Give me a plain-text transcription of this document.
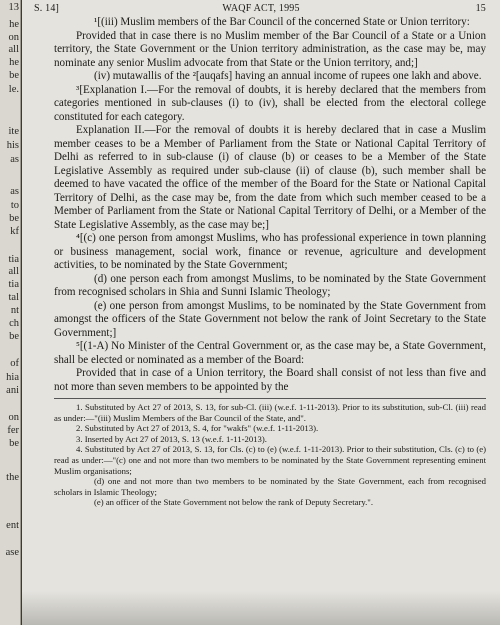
13
he
on
all
he
be
le.
ite
his
as
as
to
be
kf
tia
all
tia
tal
nt
ch
be
of
hia
ani
on
fer
be
the
ent
ase
S. 14]	WAQF ACT, 1995	15

¹[(iii) Muslim members of the Bar Council of the concerned State or Union territory:

Provided that in case there is no Muslim member of the Bar Council of a State or a Union territory, the State Government or the Union territory administration, as the case may be, may nominate any senior Muslim advocate from that State or the Union territory, and;]

(iv) mutawallis of the ²[auqafs] having an annual income of rupees one lakh and above.

³[Explanation I.—For the removal of doubts, it is hereby declared that the members from categories mentioned in sub-clauses (i) to (iv), shall be elected from the electoral college constituted for each category.

Explanation II.—For the removal of doubts it is hereby declared that in case a Muslim member ceases to be a Member of Parliament from the State or National Capital Territory of Delhi as referred to in sub-clause (i) of clause (b) or ceases to be a Member of the State Legislative Assembly as required under sub-clause (ii) of clause (b), such member shall be deemed to have vacated the office of the member of the Board for the State or National Capital Territory of Delhi, as the case may be, from the date from which such member ceased to be a Member of Parliament from the State or National Capital Territory of Delhi, or a Member of the State Legislative Assembly, as the case may be;]

⁴[(c) one person from amongst Muslims, who has professional experience in town planning or business management, social work, finance or revenue, agriculture and development activities, to be nominated by the State Government;

(d) one person each from amongst Muslims, to be nominated by the State Government from recognised scholars in Shia and Sunni Islamic Theology;

(e) one person from amongst Muslims, to be nominated by the State Government from amongst the officers of the State Government not below the rank of Joint Secretary to the State Government;]

⁵[(1-A) No Minister of the Central Government or, as the case may be, a State Government, shall be elected or nominated as a member of the Board:

Provided that in case of a Union territory, the Board shall consist of not less than five and not more than seven members to be appointed by the

1. Substituted by Act 27 of 2013, S. 13, for sub-Cl. (iii) (w.e.f. 1-11-2013). Prior to its substitution, sub-Cl. (iii) read as under:—"(iii) Muslim Members of the Bar Council of the State, and".

2. Substituted by Act 27 of 2013, S. 4, for "wakfs" (w.e.f. 1-11-2013).

3. Inserted by Act 27 of 2013, S. 13 (w.e.f. 1-11-2013).

4. Substituted by Act 27 of 2013, S. 13, for Cls. (c) to (e) (w.e.f. 1-11-2013). Prior to their substitution, Cls. (c) to (e) read as under:—"(c) one and not more than two members to be nominated by the State Government representing eminent Muslim organisations;

(d) one and not more than two members to be nominated by the State Government, each from recognised scholars in Islamic Theology;

(e) an officer of the State Government not below the rank of Deputy Secretary.".
